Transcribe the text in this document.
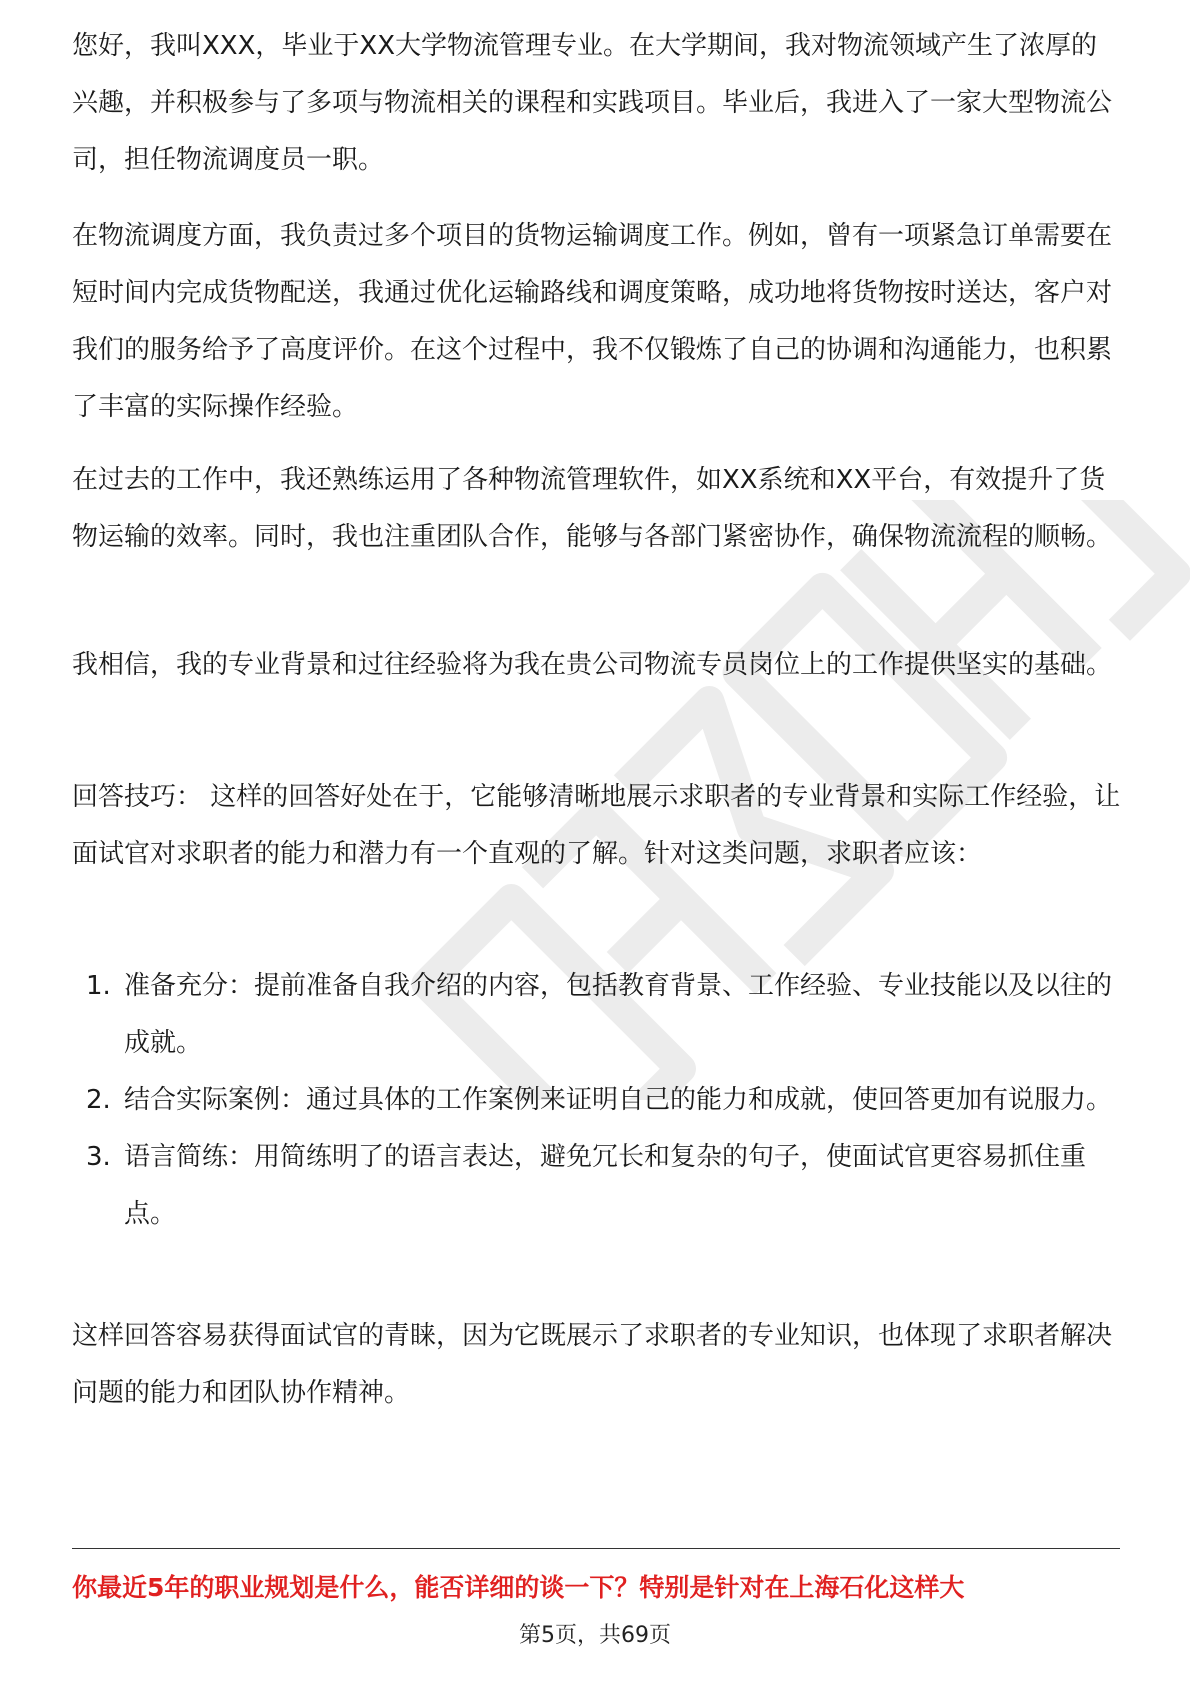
您好，我叫XXX，毕业于XX大学物流管理专业。在大学期间，我对物流领域产生了浓厚的兴趣，并积极参与了多项与物流相关的课程和实践项目。毕业后，我进入了一家大型物流公司，担任物流调度员一职。

在物流调度方面，我负责过多个项目的货物运输调度工作。例如，曾有一项紧急订单需要在短时间内完成货物配送，我通过优化运输路线和调度策略，成功地将货物按时送达，客户对我们的服务给予了高度评价。在这个过程中，我不仅锻炼了自己的协调和沟通能力，也积累了丰富的实际操作经验。

在过去的工作中，我还熟练运用了各种物流管理软件，如XX系统和XX平台，有效提升了货物运输的效率。同时，我也注重团队合作，能够与各部门紧密协作，确保物流流程的顺畅。

我相信，我的专业背景和过往经验将为我在贵公司物流专员岗位上的工作提供坚实的基础。

回答技巧： 这样的回答好处在于，它能够清晰地展示求职者的专业背景和实际工作经验，让面试官对求职者的能力和潜力有一个直观的了解。针对这类问题，求职者应该：

1. 准备充分：提前准备自我介绍的内容，包括教育背景、工作经验、专业技能以及以往的成就。
2. 结合实际案例：通过具体的工作案例来证明自己的能力和成就，使回答更加有说服力。
3. 语言简练：用简练明了的语言表达，避免冗长和复杂的句子，使面试官更容易抓住重点。

这样回答容易获得面试官的青睐，因为它既展示了求职者的专业知识，也体现了求职者解决问题的能力和团队协作精神。

你最近5年的职业规划是什么，能否详细的谈一下？特别是针对在上海石化这样大
第5页，共69页
